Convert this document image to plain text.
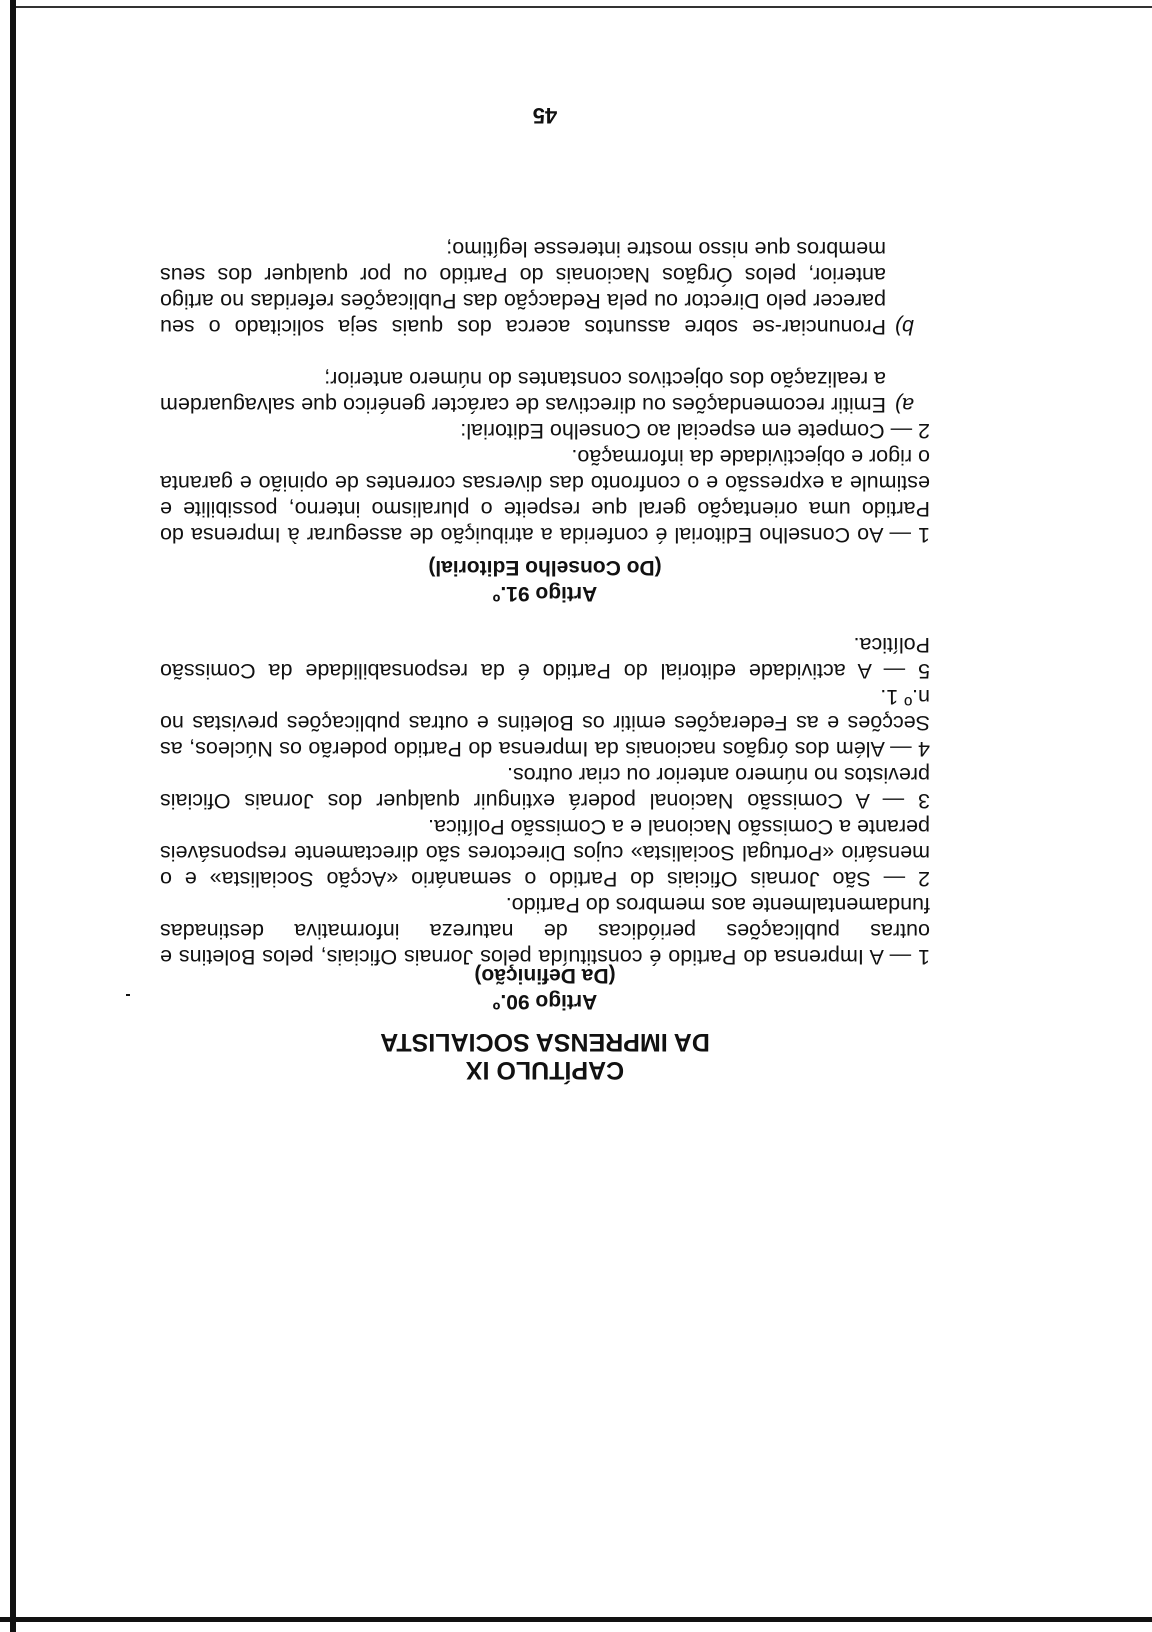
CAPÍTULO IX
DA IMPRENSA SOCIALISTA
Artigo 90.º
(Da Definição)

1 — A Imprensa do Partido é constituída pelos Jornais Oficiais, pelos Boletins e outras publicações periódicas de natureza informativa destinadas fundamentalmente aos membros do Partido.

2 — São Jornais Oficiais do Partido o semanário «Acção Socialista» e o mensário «Portugal Socialista» cujos Directores são directamente responsáveis perante a Comissão Nacional e a Comissão Política.

3 — A Comissão Nacional poderá extinguir qualquer dos Jornais Oficiais previstos no número anterior ou criar outros.

4 — Além dos órgãos nacionais da Imprensa do Partido poderão os Núcleos, as Secções e as Federações emitir os Boletins e outras publicações previstas no n.º 1.

5 — A actividade editorial do Partido é da responsabilidade da Comissão Política.

Artigo 91.º
(Do Conselho Editorial)

1 — Ao Conselho Editorial é conferida a atribuição de assegurar à Imprensa do Partido uma orientação geral que respeite o pluralismo interno, possibilite e estimule a expressão e o confronto das diversas correntes de opinião e garanta o rigor e objectividade da informação.

2 — Compete em especial ao Conselho Editorial:

a)
Emitir recomendações ou directivas de carácter genérico que salvaguardem a realização dos objectivos constantes do número anterior;
b)
Pronunciar-se sobre assuntos acerca dos quais seja solicitado o seu parecer pelo Director ou pela Redacção das Publicações referidas no artigo anterior, pelos Órgãos Nacionais do Partido ou por qualquer dos seus membros que nisso mostre interesse legítimo;
45
